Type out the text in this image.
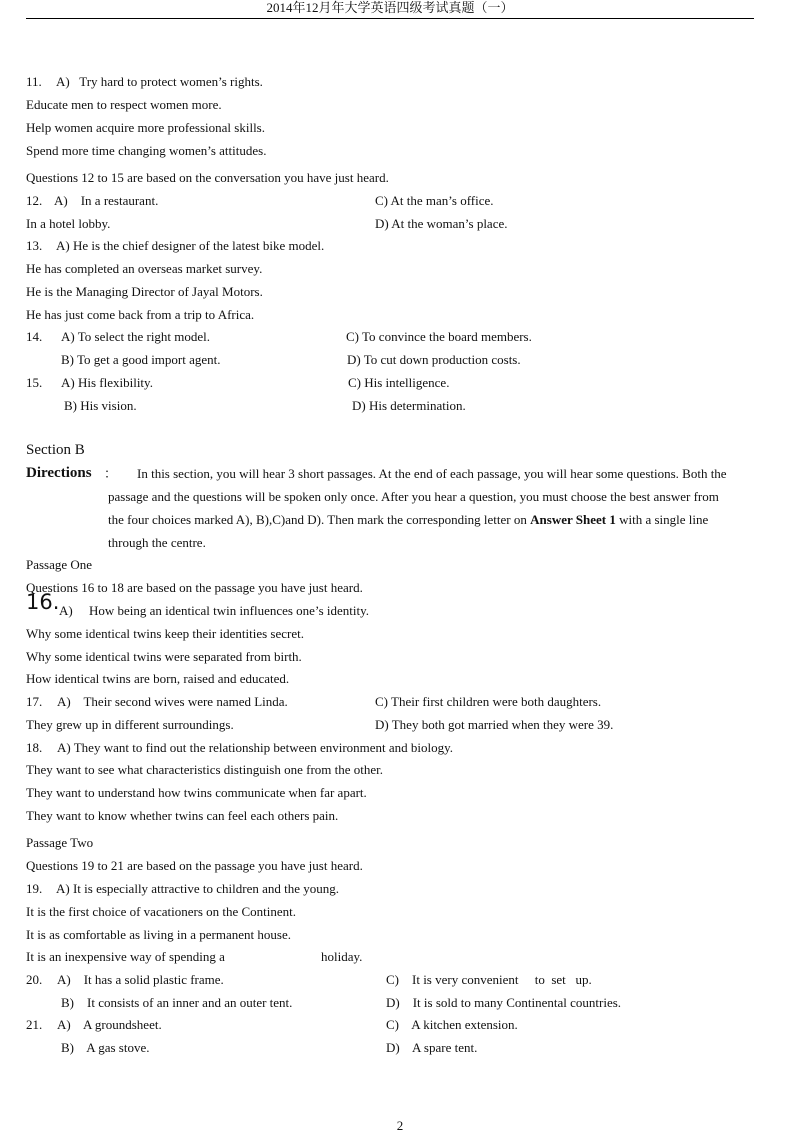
2014年12月年大学英语四级考试真题（一）
11. A)   Try hard to protect women’s rights.
Educate men to respect women more.
Help women acquire more professional skills.
Spend more time changing women’s attitudes.
Questions 12 to 15 are based on the conversation you have just heard.
12. A)    In a restaurant.	C) At the man’s office.
In a hotel lobby.	D) At the woman’s place.
13. A) He is the chief designer of the latest bike model.
He has completed an overseas market survey.
He is the Managing Director of Jayal Motors.
He has just come back from a trip to Africa.
14. A) To select the right model.	C) To convince the board members.
B) To get a good import agent.	D) To cut down production costs.
15. A) His flexibility.	C) His intelligence.
B) His vision.	D) His determination.
Section B
Directions ： In this section, you will hear 3 short passages. At the end of each passage, you will hear some questions. Both the
passage and the questions will be spoken only once. After you hear a question, you must choose the best answer from
the four choices marked A), B),C)and D). Then mark the corresponding letter on Answer Sheet 1 with a single line
through the centre.
Passage One
Questions 16 to 18 are based on the passage you have just heard.
16. A)     How being an identical twin influences one’s identity.
Why some identical twins keep their identities secret.
Why some identical twins were separated from birth.
How identical twins are born, raised and educated.
17. A)    Their second wives were named Linda.	C) Their first children were both daughters.
They grew up in different surroundings.	D) They both got married when they were 39.
18. A) They want to find out the relationship between environment and biology.
They want to see what characteristics distinguish one from the other.
They want to understand how twins communicate when far apart.
They want to know whether twins can feel each others pain.
Passage Two
Questions 19 to 21 are based on the passage you have just heard.
19. A) It is especially attractive to children and the young.
It is the first choice of vacationers on the Continent.
It is as comfortable as living in a permanent house.
It is an inexpensive way of spending a	holiday.
20. A)    It has a solid plastic frame.	C)    It is very convenient     to  set   up.
B)    It consists of an inner and an outer tent.	D)    It is sold to many Continental countries.
21. A)    A groundsheet.	C)    A kitchen extension.
B)    A gas stove.	D)    A spare tent.
2
